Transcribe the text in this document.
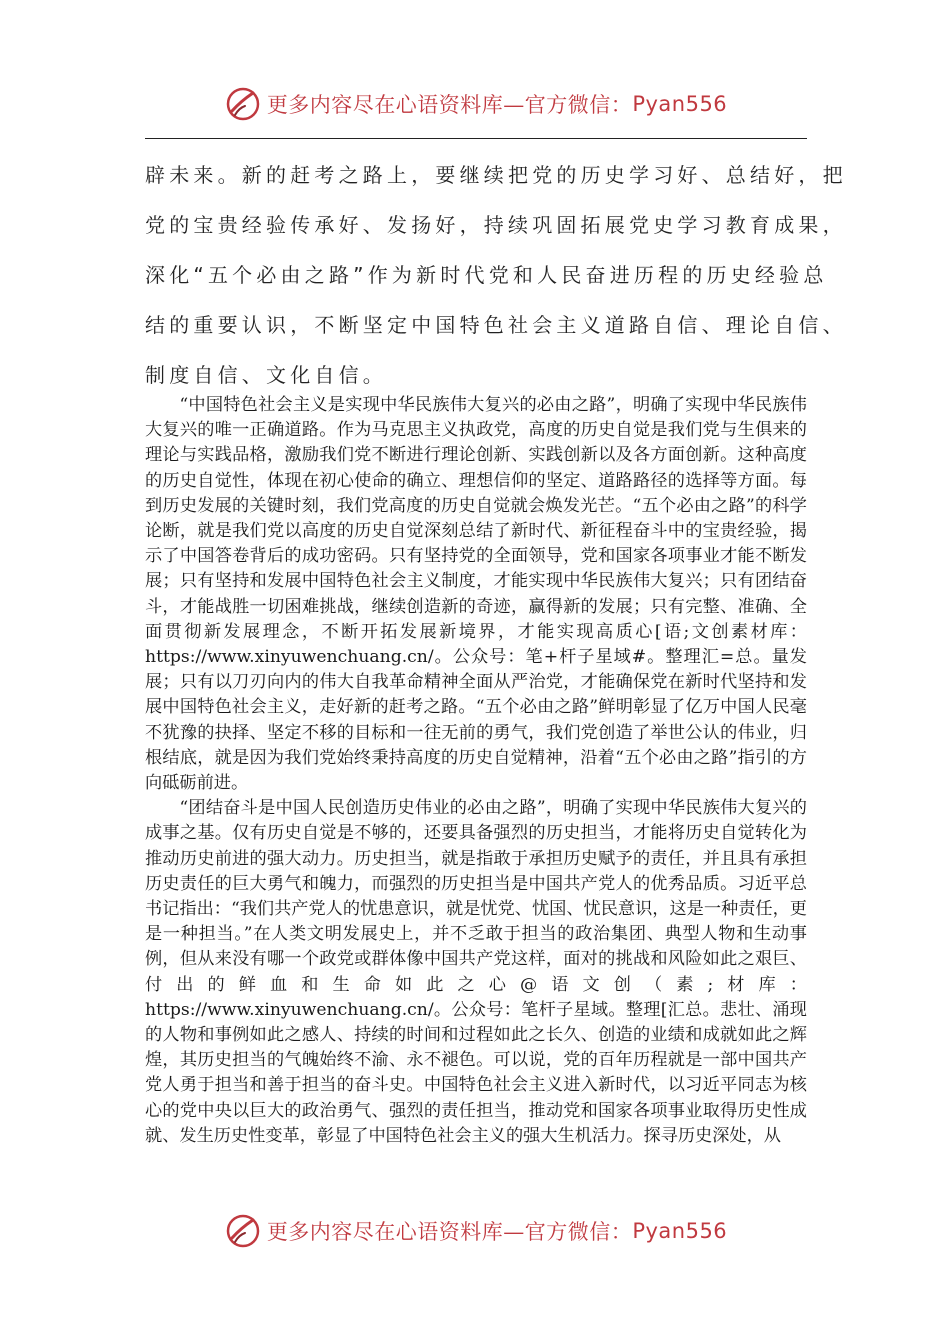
更多内容尽在心语资料库—官方微信： Pyan556
辟未来。新的赶考之路上，要继续把党的历史学习好、总结好，把
党的宝贵经验传承好、发扬好，持续巩固拓展党史学习教育成果，
深化“五个必由之路”作为新时代党和人民奋进历程的历史经验总
结的重要认识，不断坚定中国特色社会主义道路自信、理论自信、
制度自信、文化自信。

“中国特色社会主义是实现中华民族伟大复兴的必由之路”，明确了实现中华民族伟大复兴的唯一正确道路。作为马克思主义执政党，高度的历史自觉是我们党与生俱来的理论与实践品格，激励我们党不断进行理论创新、实践创新以及各方面创新。这种高度的历史自觉性，体现在初心使命的确立、理想信仰的坚定、道路路径的选择等方面。每到历史发展的关键时刻，我们党高度的历史自觉就会焕发光芒。“五个必由之路”的科学论断，就是我们党以高度的历史自觉深刻总结了新时代、新征程奋斗中的宝贵经验，揭示了中国答卷背后的成功密码。只有坚持党的全面领导，党和国家各项事业才能不断发展；只有坚持和发展中国特色社会主义制度，才能实现中华民族伟大复兴；只有团结奋斗，才能战胜一切困难挑战，继续创造新的奇迹，赢得新的发展；只有完整、准确、全面贯彻新发展理念，不断开拓发展新境界，才能实现高质心[语;文创素材库：https://www.xinyuwenchuang.cn/。公众号：笔+杆子星域#。整理汇=总。量发展；只有以刀刃向内的伟大自我革命精神全面从严治党，才能确保党在新时代坚持和发展中国特色社会主义，走好新的赶考之路。“五个必由之路”鲜明彰显了亿万中国人民毫不犹豫的抉择、坚定不移的目标和一往无前的勇气，我们党创造了举世公认的伟业，归根结底，就是因为我们党始终秉持高度的历史自觉精神，沿着“五个必由之路”指引的方向砥砺前进。

“团结奋斗是中国人民创造历史伟业的必由之路”，明确了实现中华民族伟大复兴的成事之基。仅有历史自觉是不够的，还要具备强烈的历史担当，才能将历史自觉转化为推动历史前进的强大动力。历史担当，就是指敢于承担历史赋予的责任，并且具有承担历史责任的巨大勇气和魄力，而强烈的历史担当是中国共产党人的优秀品质。习近平总书记指出：“我们共产党人的忧患意识，就是忧党、忧国、忧民意识，这是一种责任，更是一种担当。”在人类文明发展史上，并不乏敢于担当的政治集团、典型人物和生动事例，但从来没有哪一个政党或群体像中国共产党这样，面对的挑战和风险如此之艰巨、付出的鲜血和生命如此之心@语文创（素;材库：https://www.xinyuwenchuang.cn/。公众号：笔杆子星域。整理[汇总。悲壮、涌现的人物和事例如此之感人、持续的时间和过程如此之长久、创造的业绩和成就如此之辉煌，其历史担当的气魄始终不渝、永不褪色。可以说，党的百年历程就是一部中国共产党人勇于担当和善于担当的奋斗史。中国特色社会主义进入新时代，以习近平同志为核心的党中央以巨大的政治勇气、强烈的责任担当，推动党和国家各项事业取得历史性成就、发生历史性变革，彰显了中国特色社会主义的强大生机活力。探寻历史深处，从

更多内容尽在心语资料库—官方微信： Pyan556
